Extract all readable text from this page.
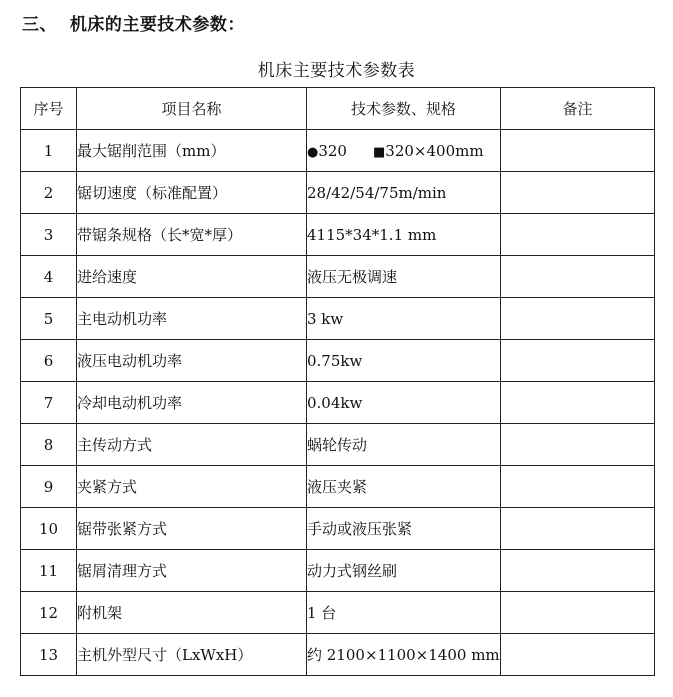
三、  机床的主要技术参数：
机床主要技术参数表
序号	项目名称	技术参数、规格	备注
1	最大锯削范围（mm）	●320 ■320×400mm	
2	锯切速度（标准配置）	28/42/54/75m/min	
3	带锯条规格（长*宽*厚）	4115*34*1.1 mm	
4	进给速度	液压无极调速	
5	主电动机功率	3 kw	
6	液压电动机功率	0.75kw	
7	冷却电动机功率	0.04kw	
8	主传动方式	蜗轮传动	
9	夹紧方式	液压夹紧	
10	锯带张紧方式	手动或液压张紧	
11	锯屑清理方式	动力式钢丝刷	
12	附机架	1 台	
13	主机外型尺寸（LxWxH）	约 2100×1100×1400 mm	
